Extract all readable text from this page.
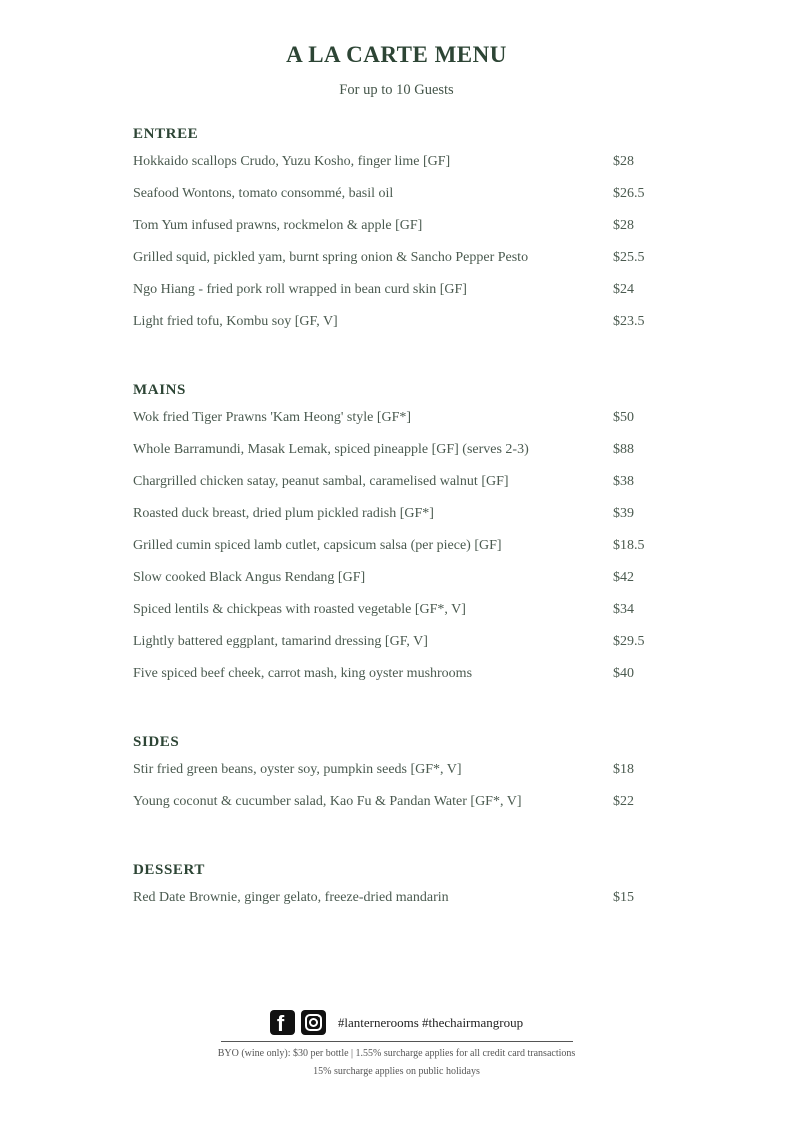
A LA CARTE MENU
For up to 10 Guests
ENTREE
Hokkaido scallops Crudo, Yuzu Kosho, finger lime [GF]	$28
Seafood Wontons, tomato consommé, basil oil	$26.5
Tom Yum infused prawns, rockmelon & apple [GF]	$28
Grilled squid, pickled yam, burnt spring onion & Sancho Pepper Pesto	$25.5
Ngo Hiang - fried pork roll wrapped in bean curd skin [GF]	$24
Light fried tofu, Kombu soy [GF, V]	$23.5
MAINS
Wok fried Tiger Prawns 'Kam Heong' style [GF*]	$50
Whole Barramundi, Masak Lemak, spiced pineapple [GF] (serves 2-3)	$88
Chargrilled chicken satay, peanut sambal, caramelised walnut [GF]	$38
Roasted duck breast, dried plum pickled radish [GF*]	$39
Grilled cumin spiced lamb cutlet, capsicum salsa (per piece) [GF]	$18.5
Slow cooked Black Angus Rendang [GF]	$42
Spiced lentils & chickpeas with roasted vegetable [GF*, V]	$34
Lightly battered eggplant, tamarind dressing [GF, V]	$29.5
Five spiced beef cheek, carrot mash, king oyster mushrooms	$40
SIDES
Stir fried green beans, oyster soy, pumpkin seeds [GF*, V]	$18
Young coconut & cucumber salad, Kao Fu & Pandan Water [GF*, V]	$22
DESSERT
Red Date Brownie, ginger gelato, freeze-dried mandarin	$15
f	#lanternerooms #thechairmangroup
BYO (wine only): $30 per bottle | 1.55% surcharge applies for all credit card transactions
15% surcharge applies on public holidays
